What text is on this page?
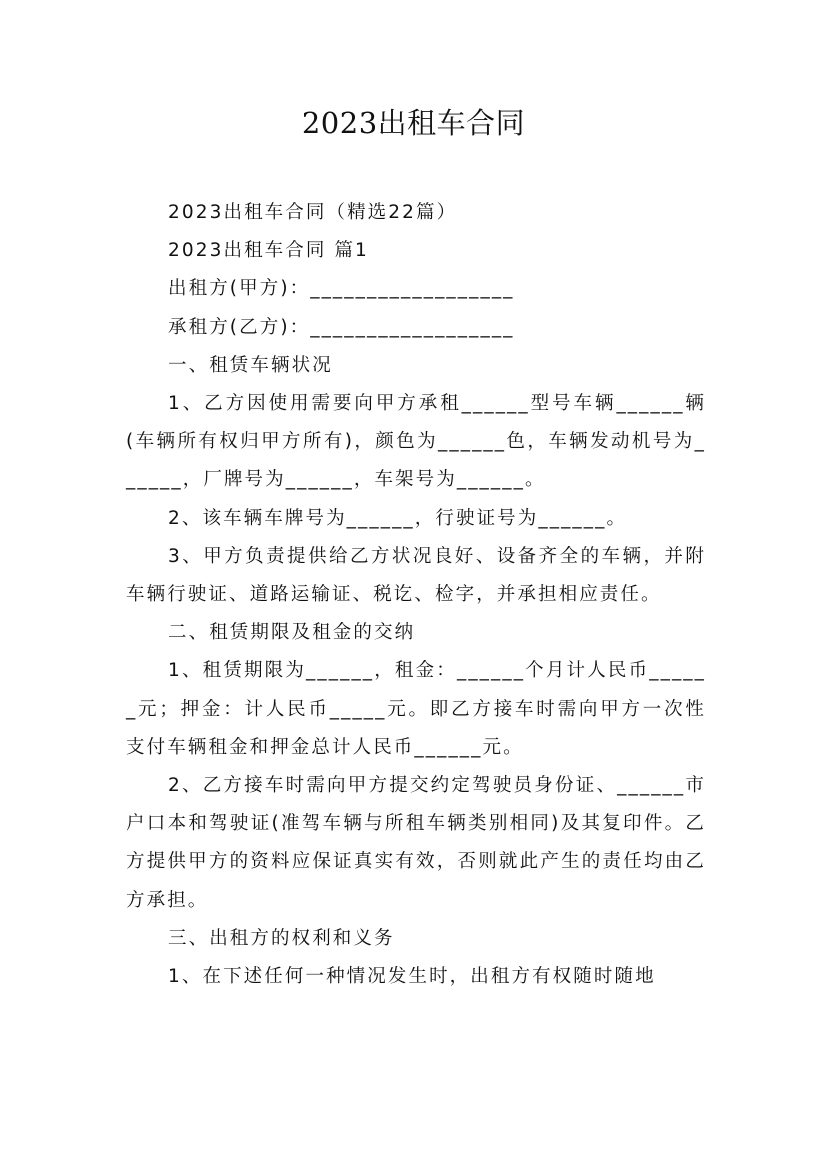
2023出租车合同

2023出租车合同（精选22篇）

2023出租车合同 篇1

出租方(甲方)：__________________

承租方(乙方)：__________________

一、租赁车辆状况

1、乙方因使用需要向甲方承租______型号车辆______辆(车辆所有权归甲方所有)，颜色为______色，车辆发动机号为______，厂牌号为______，车架号为______。

2、该车辆车牌号为______，行驶证号为______。

3、甲方负责提供给乙方状况良好、设备齐全的车辆，并附车辆行驶证、道路运输证、税讫、检字，并承担相应责任。

二、租赁期限及租金的交纳

1、租赁期限为______，租金：______个月计人民币______元；押金：计人民币_____元。即乙方接车时需向甲方一次性支付车辆租金和押金总计人民币______元。

2、乙方接车时需向甲方提交约定驾驶员身份证、______市户口本和驾驶证(准驾车辆与所租车辆类别相同)及其复印件。乙方提供甲方的资料应保证真实有效，否则就此产生的责任均由乙方承担。

三、出租方的权利和义务

1、在下述任何一种情况发生时，出租方有权随时随地
